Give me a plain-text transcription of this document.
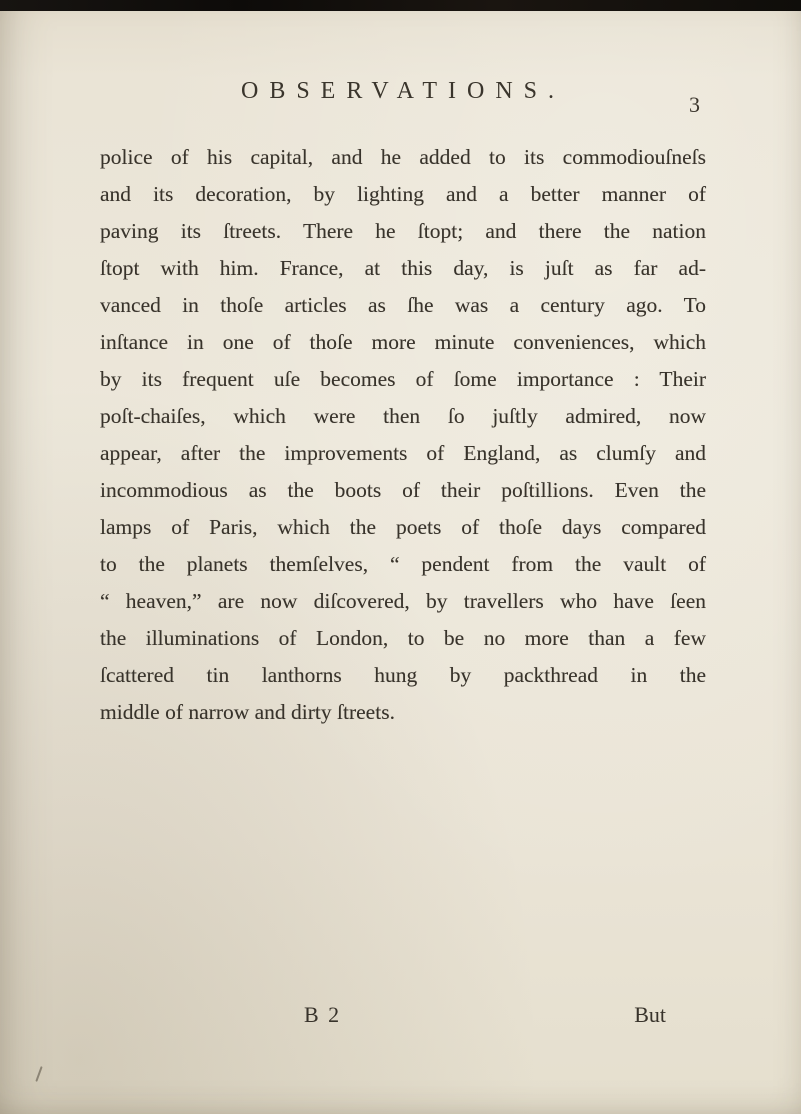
OBSERVATIONS.
3
police of his capital, and he added to its commodiouſneſs
and its decoration, by lighting and a better manner of
paving its ſtreets. There he ſtopt; and there the nation
ſtopt with him. France, at this day, is juſt as far ad-
vanced in thoſe articles as ſhe was a century ago. To
inſtance in one of thoſe more minute conveniences, which
by its frequent uſe becomes of ſome importance : Their
poſt-chaiſes, which were then ſo juſtly admired, now
appear, after the improvements of England, as clumſy and
incommodious as the boots of their poſtillions. Even the
lamps of Paris, which the poets of thoſe days compared
to the planets themſelves, “ pendent from the vault of
“ heaven,” are now diſcovered, by travellers who have ſeen
the illuminations of London, to be no more than a few
ſcattered tin lanthorns hung by packthread in the
middle of narrow and dirty ſtreets.
B 2	But
